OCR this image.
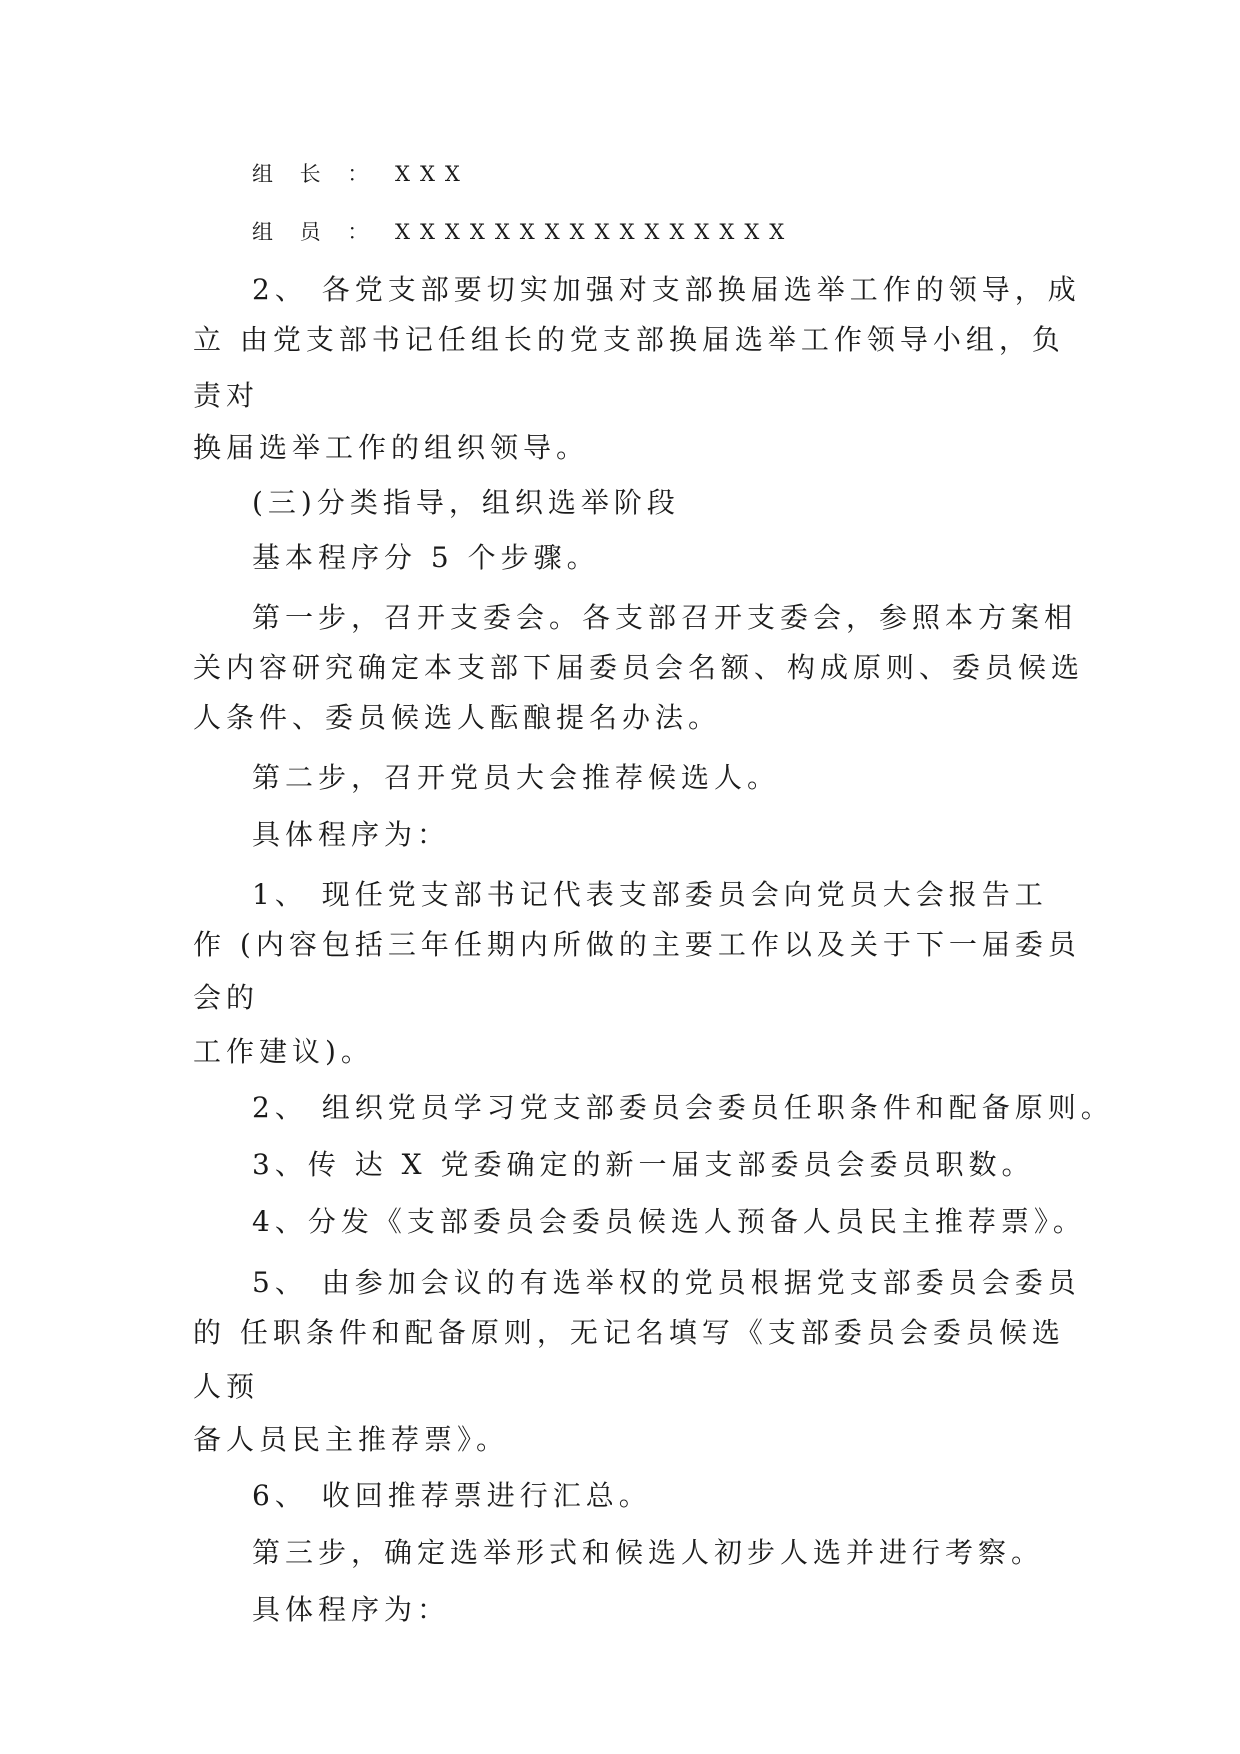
组 长 ： XXX
组 员 ： XXXXXXXXXXXXXXXX
2、 各党支部要切实加强对支部换届选举工作的领导，成
立 由党支部书记任组长的党支部换届选举工作领导小组，负
责对
换届选举工作的组织领导。
(三)分类指导，组织选举阶段
基本程序分 5 个步骤。
第一步，召开支委会。各支部召开支委会，参照本方案相
关内容研究确定本支部下届委员会名额、构成原则、委员候选
人条件、委员候选人酝酿提名办法。
第二步，召开党员大会推荐候选人。
具体程序为：
1、 现任党支部书记代表支部委员会向党员大会报告工
作 (内容包括三年任期内所做的主要工作以及关于下一届委员
会的
工作建议)。
2、 组织党员学习党支部委员会委员任职条件和配备原则。
3、传 达 X 党委确定的新一届支部委员会委员职数。
4、分发《支部委员会委员候选人预备人员民主推荐票》。
5、 由参加会议的有选举权的党员根据党支部委员会委员
的 任职条件和配备原则，无记名填写《支部委员会委员候选
人预
备人员民主推荐票》。
6、 收回推荐票进行汇总。
第三步，确定选举形式和候选人初步人选并进行考察。
具体程序为：
